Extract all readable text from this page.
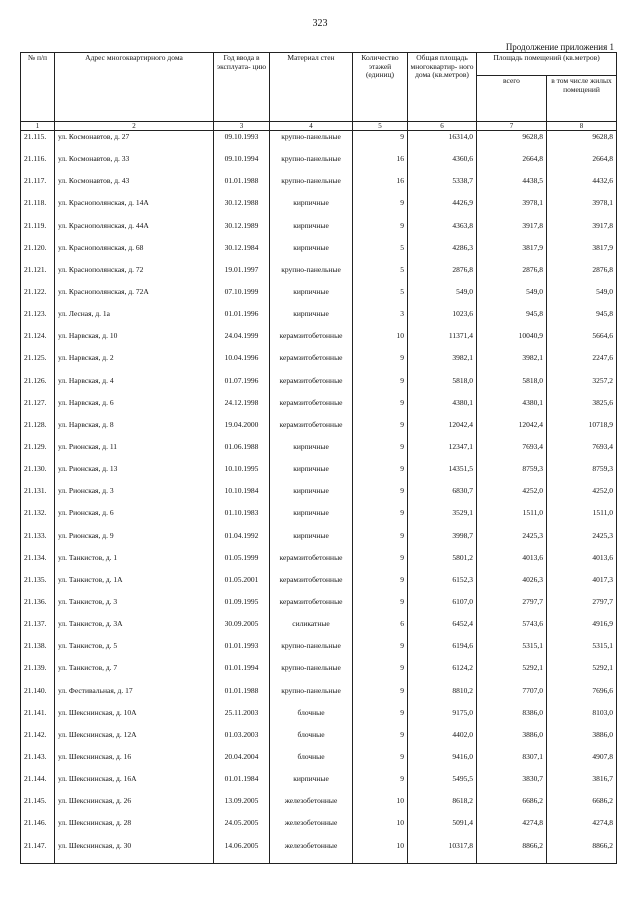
323
Продолжение приложения 1
№ п/п	Адрес многоквартирного дома	Год ввода в эксплуата- цию	Материал стен	Количество этажей (единиц)	Общая площадь многоквартир- ного дома (кв.метров)	Площадь помещений (кв.метров)	
						всего	в том числе жилых помещений
1	2	3	4	5	6	7	8
21.115.	ул. Космонавтов, д. 27	09.10.1993	крупно-панельные	9	16314,0	9628,8	9628,8
21.116.	ул. Космонавтов, д. 33	09.10.1994	крупно-панельные	16	4360,6	2664,8	2664,8
21.117.	ул. Космонавтов, д. 43	01.01.1988	крупно-панельные	16	5338,7	4438,5	4432,6
21.118.	ул. Краснополянская, д. 14А	30.12.1988	кирпичные	9	4426,9	3978,1	3978,1
21.119.	ул. Краснополянская, д. 44А	30.12.1989	кирпичные	9	4363,8	3917,8	3917,8
21.120.	ул. Краснополянская, д. 68	30.12.1984	кирпичные	5	4286,3	3817,9	3817,9
21.121.	ул. Краснополянская, д. 72	19.01.1997	крупно-панельные	5	2876,8	2876,8	2876,8
21.122.	ул. Краснополянская, д. 72А	07.10.1999	кирпичные	5	549,0	549,0	549,0
21.123.	ул. Лесная, д. 1а	01.01.1996	кирпичные	3	1023,6	945,8	945,8
21.124.	ул. Нарвская, д. 10	24.04.1999	керамзитобетонные	10	11371,4	10040,9	5664,6
21.125.	ул. Нарвская, д. 2	10.04.1996	керамзитобетонные	9	3982,1	3982,1	2247,6
21.126.	ул. Нарвская, д. 4	01.07.1996	керамзитобетонные	9	5818,0	5818,0	3257,2
21.127.	ул. Нарвская, д. 6	24.12.1998	керамзитобетонные	9	4380,1	4380,1	3825,6
21.128.	ул. Нарвская, д. 8	19.04.2000	керамзитобетонные	9	12042,4	12042,4	10718,9
21.129.	ул. Рионская, д. 11	01.06.1988	кирпичные	9	12347,1	7693,4	7693,4
21.130.	ул. Рионская, д. 13	10.10.1995	кирпичные	9	14351,5	8759,3	8759,3
21.131.	ул. Рионская, д. 3	10.10.1984	кирпичные	9	6830,7	4252,0	4252,0
21.132.	ул. Рионская, д. 6	01.10.1983	кирпичные	9	3529,1	1511,0	1511,0
21.133.	ул. Рионская, д. 9	01.04.1992	кирпичные	9	3998,7	2425,3	2425,3
21.134.	ул. Танкистов, д. 1	01.05.1999	керамзитобетонные	9	5801,2	4013,6	4013,6
21.135.	ул. Танкистов, д. 1А	01.05.2001	керамзитобетонные	9	6152,3	4026,3	4017,3
21.136.	ул. Танкистов, д. 3	01.09.1995	керамзитобетонные	9	6107,0	2797,7	2797,7
21.137.	ул. Танкистов, д. 3А	30.09.2005	силикатные	6	6452,4	5743,6	4916,9
21.138.	ул. Танкистов, д. 5	01.01.1993	крупно-панельные	9	6194,6	5315,1	5315,1
21.139.	ул. Танкистов, д. 7	01.01.1994	крупно-панельные	9	6124,2	5292,1	5292,1
21.140.	ул. Фестивальная, д. 17	01.01.1988	крупно-панельные	9	8810,2	7707,0	7696,6
21.141.	ул. Шекснинская, д. 10А	25.11.2003	блочные	9	9175,0	8386,0	8103,0
21.142.	ул. Шекснинская, д. 12А	01.03.2003	блочные	9	4402,0	3886,0	3886,0
21.143.	ул. Шекснинская, д. 16	20.04.2004	блочные	9	9416,0	8307,1	4907,8
21.144.	ул. Шекснинская, д. 16А	01.01.1984	кирпичные	9	5495,5	3830,7	3816,7
21.145.	ул. Шекснинская, д. 26	13.09.2005	железобетонные	10	8618,2	6686,2	6686,2
21.146.	ул. Шекснинская, д. 28	24.05.2005	железобетонные	10	5091,4	4274,8	4274,8
21.147.	ул. Шекснинская, д. 30	14.06.2005	железобетонные	10	10317,8	8866,2	8866,2
